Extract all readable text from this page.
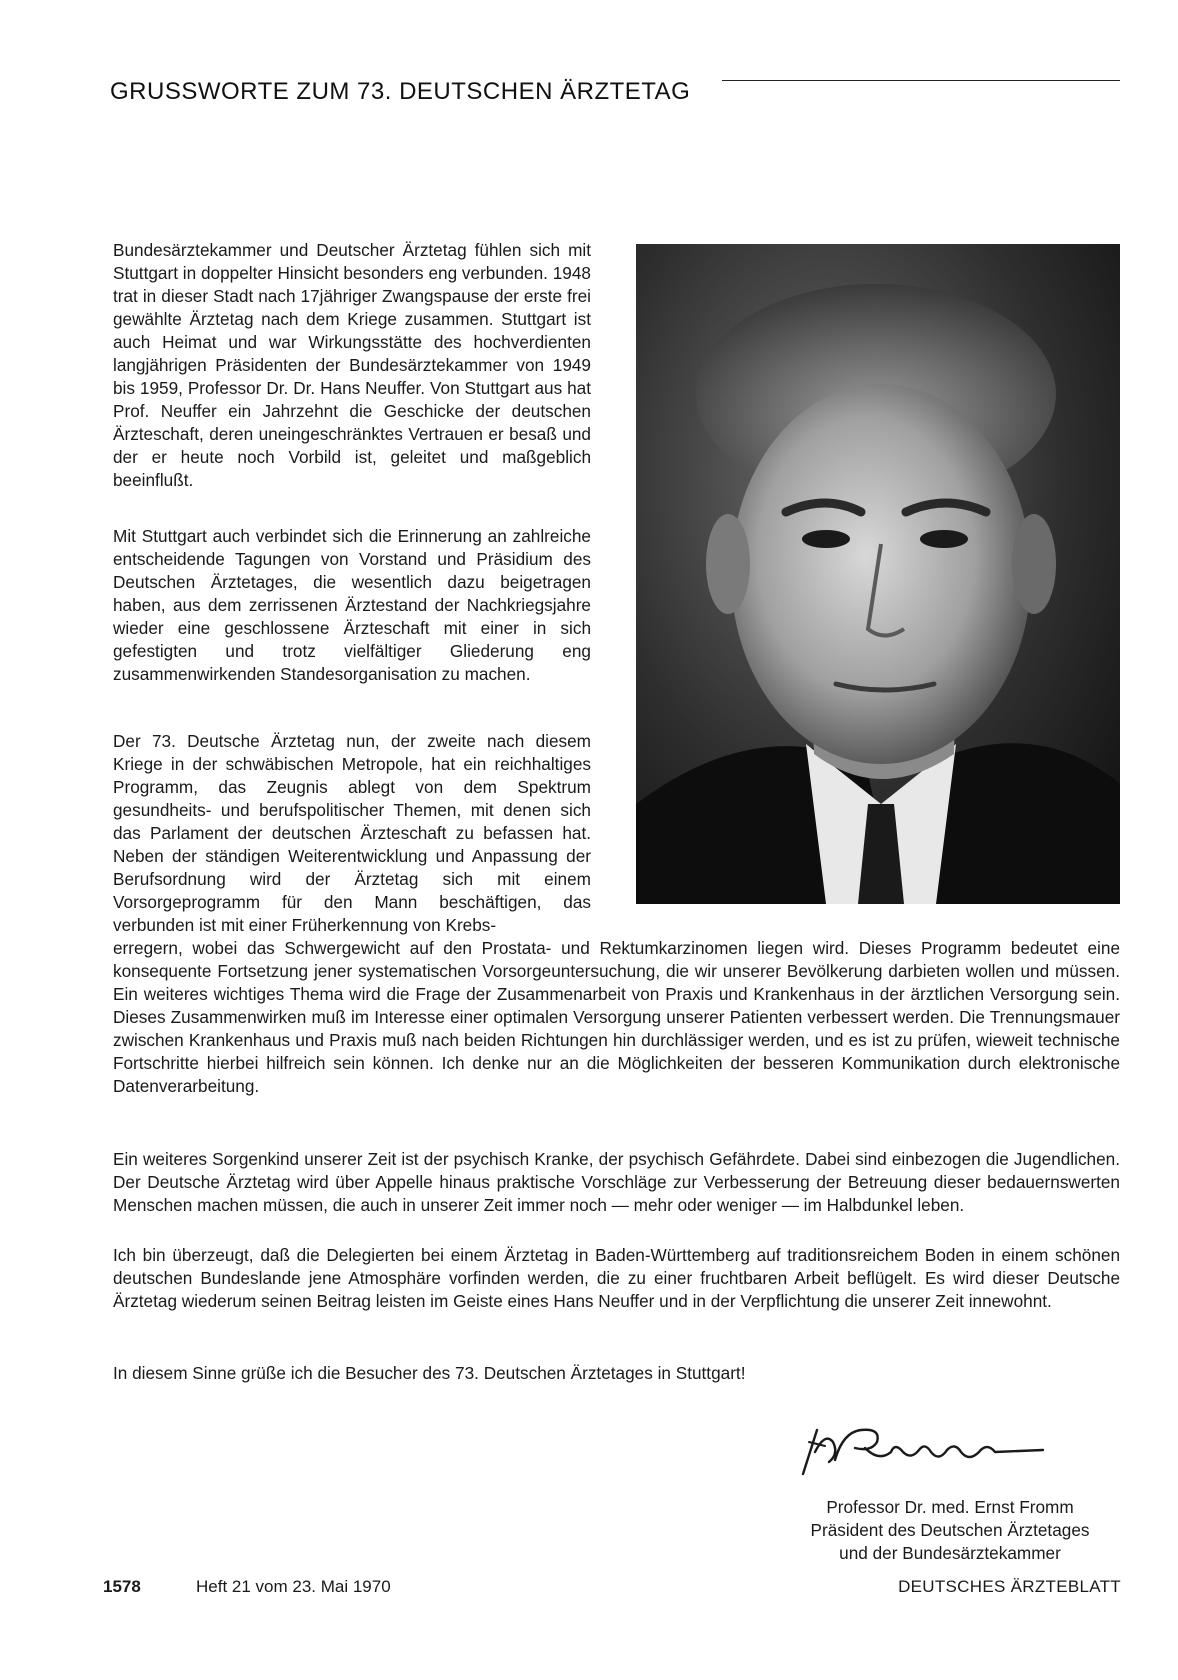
GRUSSWORTE ZUM 73. DEUTSCHEN ÄRZTETAG

Bundesärztekammer und Deutscher Ärztetag fühlen sich mit Stuttgart in doppelter Hinsicht besonders eng verbunden. 1948 trat in dieser Stadt nach 17jähriger Zwangspause der erste frei gewählte Ärztetag nach dem Kriege zusammen. Stuttgart ist auch Heimat und war Wirkungsstätte des hochverdienten langjährigen Präsidenten der Bundesärztekammer von 1949 bis 1959, Professor Dr. Dr. Hans Neuffer. Von Stuttgart aus hat Prof. Neuffer ein Jahrzehnt die Geschicke der deutschen Ärzteschaft, deren uneingeschränktes Vertrauen er besaß und der er heute noch Vorbild ist, geleitet und maßgeblich beeinflußt.

Mit Stuttgart auch verbindet sich die Erinnerung an zahlreiche entscheidende Tagungen von Vorstand und Präsidium des Deutschen Ärztetages, die wesentlich dazu beigetragen haben, aus dem zerrissenen Ärztestand der Nachkriegsjahre wieder eine geschlossene Ärzteschaft mit einer in sich gefestigten und trotz vielfältiger Gliederung eng zusammenwirkenden Standesorganisation zu machen.

Der 73. Deutsche Ärztetag nun, der zweite nach diesem Kriege in der schwäbischen Metropole, hat ein reichhaltiges Programm, das Zeugnis ablegt von dem Spektrum gesundheits- und berufspolitischer Themen, mit denen sich das Parlament der deutschen Ärzteschaft zu befassen hat. Neben der ständigen Weiterentwicklung und Anpassung der Berufsordnung wird der Ärztetag sich mit einem Vorsorgeprogramm für den Mann beschäftigen, das verbunden ist mit einer Früherkennung von Krebs-

erregern, wobei das Schwergewicht auf den Prostata- und Rektumkarzinomen liegen wird. Dieses Programm bedeutet eine konsequente Fortsetzung jener systematischen Vorsorgeuntersuchung, die wir unserer Bevölkerung darbieten wollen und müssen. Ein weiteres wichtiges Thema wird die Frage der Zusammenarbeit von Praxis und Krankenhaus in der ärztlichen Versorgung sein. Dieses Zusammenwirken muß im Interesse einer optimalen Versorgung unserer Patienten verbessert werden. Die Trennungsmauer zwischen Krankenhaus und Praxis muß nach beiden Richtungen hin durchlässiger werden, und es ist zu prüfen, wieweit technische Fortschritte hierbei hilfreich sein können. Ich denke nur an die Möglichkeiten der besseren Kommunikation durch elektronische Datenverarbeitung.

Ein weiteres Sorgenkind unserer Zeit ist der psychisch Kranke, der psychisch Gefährdete. Dabei sind einbezogen die Jugendlichen. Der Deutsche Ärztetag wird über Appelle hinaus praktische Vorschläge zur Verbesserung der Betreuung dieser bedauernswerten Menschen machen müssen, die auch in unserer Zeit immer noch — mehr oder weniger — im Halbdunkel leben.

Ich bin überzeugt, daß die Delegierten bei einem Ärztetag in Baden-Württemberg auf traditionsreichem Boden in einem schönen deutschen Bundeslande jene Atmosphäre vorfinden werden, die zu einer fruchtbaren Arbeit beflügelt. Es wird dieser Deutsche Ärztetag wiederum seinen Beitrag leisten im Geiste eines Hans Neuffer und in der Verpflichtung die unserer Zeit innewohnt.

In diesem Sinne grüße ich die Besucher des 73. Deutschen Ärztetages in Stuttgart!

Professor Dr. med. Ernst Fromm
Präsident des Deutschen Ärztetages
und der Bundesärztekammer
1578	Heft 21 vom 23. Mai 1970	DEUTSCHES ÄRZTEBLATT
